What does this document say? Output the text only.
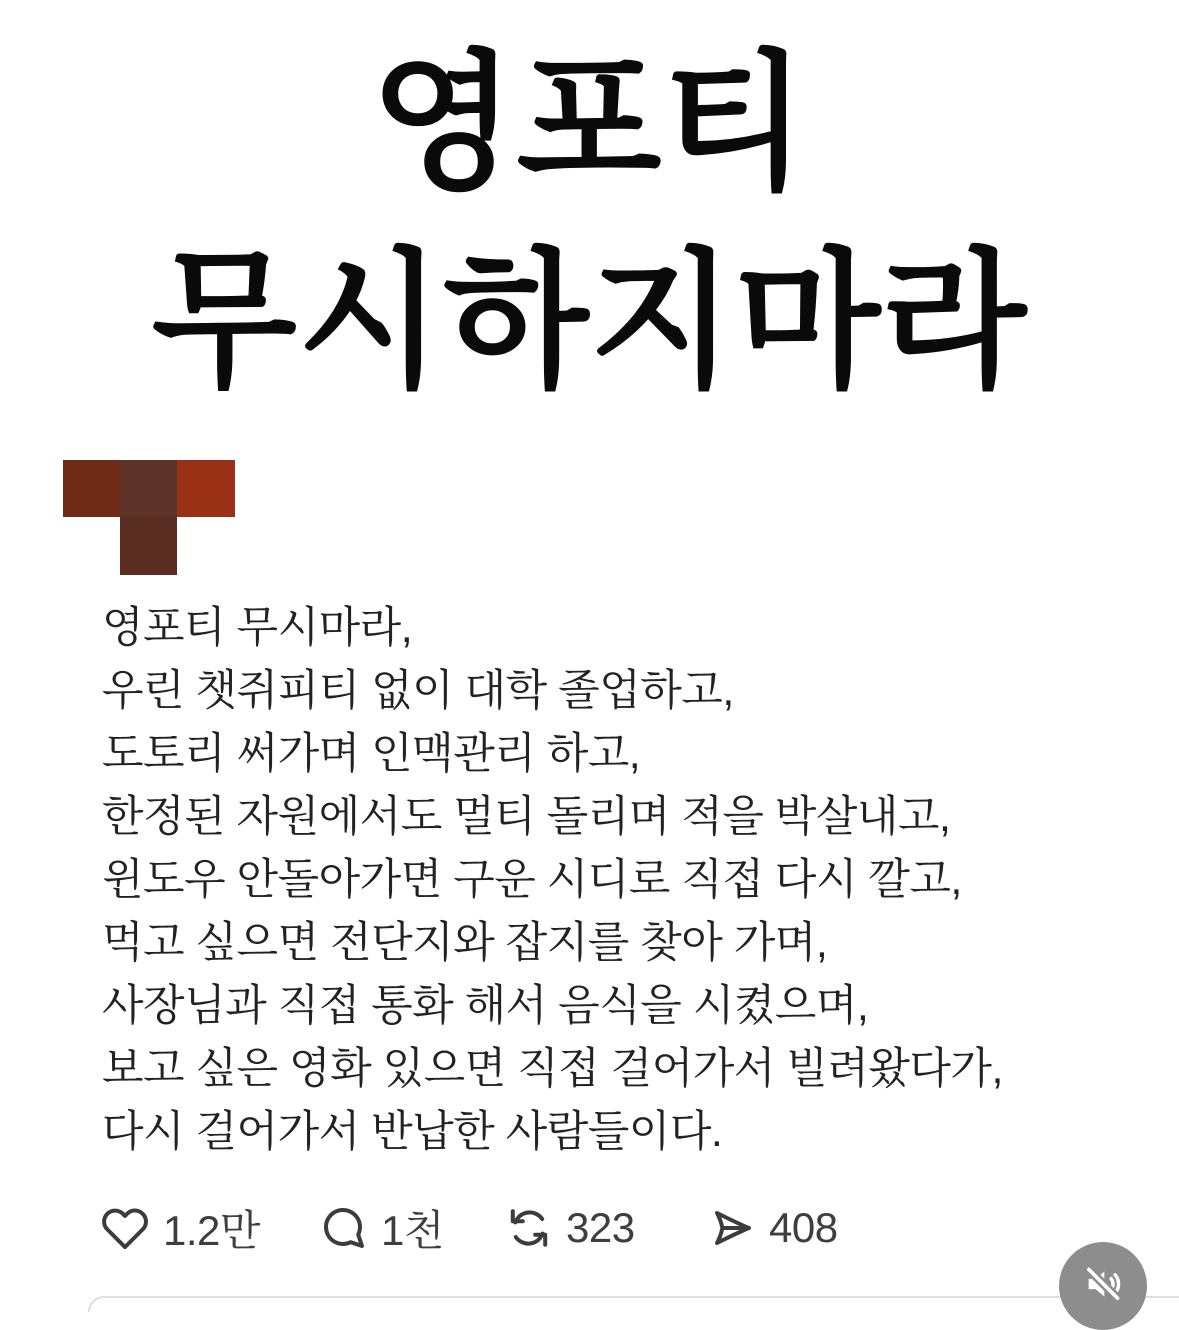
영포티
무시하지마라
영포티 무시마라,
우린 챗쥐피티 없이 대학 졸업하고,
도토리 써가며 인맥관리 하고,
한정된 자원에서도 멀티 돌리며 적을 박살내고,
윈도우 안돌아가면 구운 시디로 직접 다시 깔고,
먹고 싶으면 전단지와 잡지를 찾아 가며,
사장님과 직접 통화 해서 음식을 시켰으며,
보고 싶은 영화 있으면 직접 걸어가서 빌려왔다가,
다시 걸어가서 반납한 사람들이다.
1.2만	1천	323	408
